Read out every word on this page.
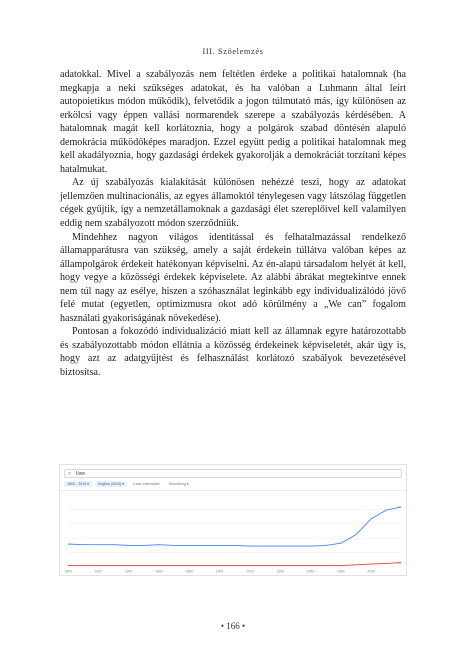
III. Szöelemzés

adatokkal. Mivel a szabályozás nem feltétlen érdeke a politikai hatalomnak (ha megkapja a neki szükséges adatokat, és ha valóban a Luhmann által leírt autopoietikus módon működik), felvetődik a jogon túlmutató más, így különösen az erkölcsi vagy éppen vallási normarendek szerepe a szabályozás kérdésében. A hatalomnak magát kell korlátoznia, hogy a polgárok szabad döntésén alapuló demokrácia működőképes maradjon. Ezzel együtt pedig a politikai hatalomnak meg kell akadályoznia, hogy gazdasági érdekek gyakorolják a demokráciát torzítani képes hatalmukat.

Az új szabályozás kialakítását különösen nehézzé teszi, hogy az adatokat jellemzően multinacionális, az egyes államoktól ténylegesen vagy látszólag független cégek gyűjtik, így a nemzetállamoknak a gazdasági élet szereplőivel kell valamilyen eddig nem szabályozott módon szerződniük.

Mindehhez nagyon világos identitással és felhatalmazással rendelkező államapparátusra van szükség, amely a saját érdekein túllátva valóban képes az állampolgárok érdekeit hatékonyan képviselni. Az én-alapú társadalom helyét át kell, hogy vegye a közösségi érdekek képviselete. Az alábbi ábrákat megtekintve ennek nem túl nagy az esélye, hiszen a szóhasználat leginkább egy individualizálódó jövő felé mutat (egyetlen, optimizmusra okot adó körülmény a „We can” fogalom használati gyakoriságának növekedése).

Pontosan a fokozódó individualizáció miatt kell az államnak egyre határozottabb és szabályozottabb módon ellátnia a közösség érdekeinek képviseletét, akár úgy is, hogy azt az adatgyűjtést és felhasználást korlátozó szabályok bevezetésével biztosítsa.

⌕ I/we
1800 - 2019 ▾	English (2019) ▾	Case-Insensitive	Smoothing ▾
1800	1820	1840	1860	1880	1900	1920	1940	1960	1980	2000
• 166 •
